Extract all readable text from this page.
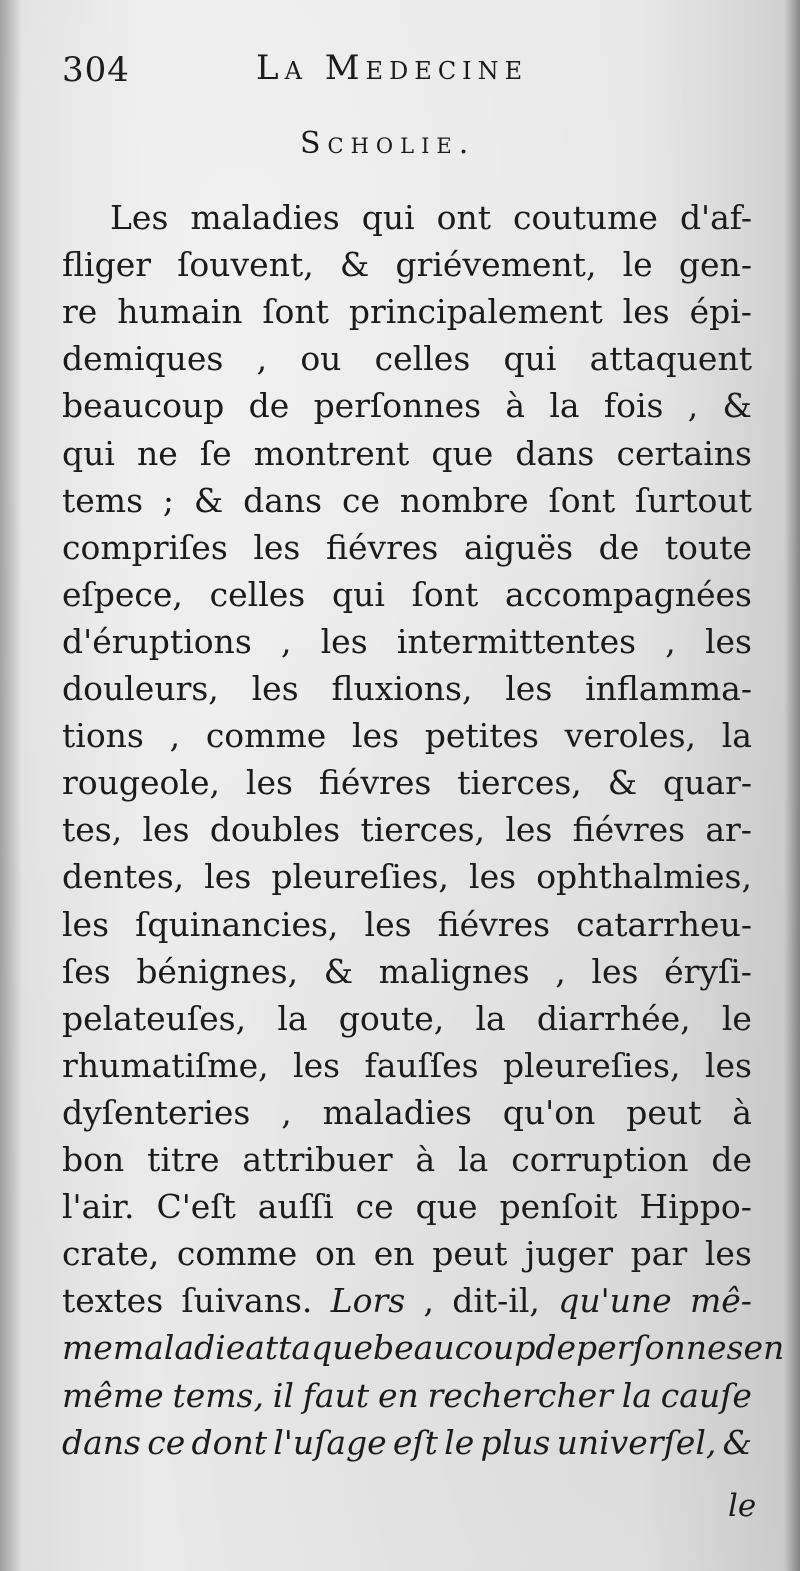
304	La Medecine
Scholie.
Les maladies qui ont coutume d'af-
fliger ſouvent, & griévement, le gen-
re humain ſont principalement les épi-
demiques , ou celles qui attaquent
beaucoup de perſonnes à la fois , &
qui ne ſe montrent que dans certains
tems ; & dans ce nombre ſont ſurtout
compriſes les fiévres aiguës de toute
eſpece, celles qui ſont accompagnées
d'éruptions , les intermittentes , les
douleurs, les fluxions, les inflamma-
tions , comme les petites veroles, la
rougeole, les fiévres tierces, & quar-
tes, les doubles tierces, les fiévres ar-
dentes, les pleureſies, les ophthalmies,
les ſquinancies, les fiévres catarrheu-
ſes bénignes, & malignes , les éryſi-
pelateuſes, la goute, la diarrhée, le
rhumatiſme, les fauſſes pleureſies, les
dyſenteries , maladies qu'on peut à
bon titre attribuer à la corruption de
l'air. C'eſt auſſi ce que penſoit Hippo-
crate, comme on en peut juger par les
textes ſuivans. Lors , dit-il, qu'une mê-
me maladie attaque beaucoup de perſonnes en
même tems, il faut en rechercher la cauſe
dans ce dont l'uſage eſt le plus univerſel, &
le
